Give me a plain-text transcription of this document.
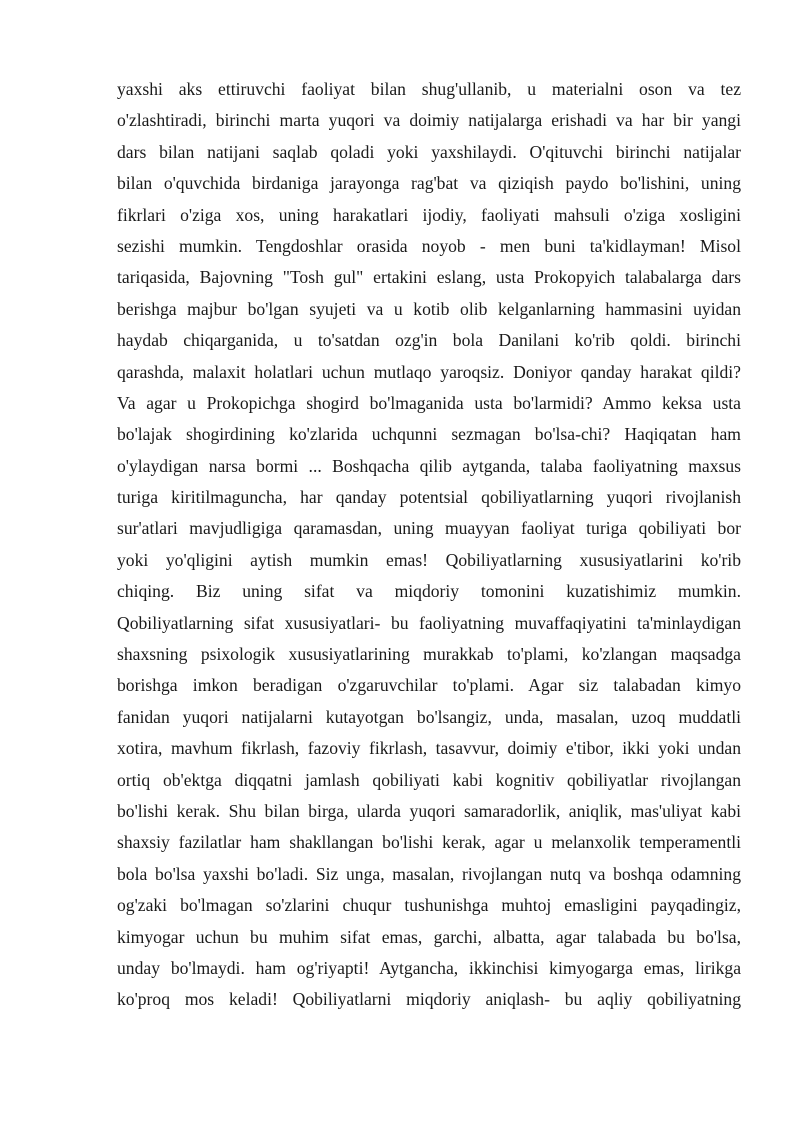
yaxshi aks ettiruvchi faoliyat bilan shug'ullanib, u materialni oson va tez
o'zlashtiradi, birinchi marta yuqori va doimiy natijalarga erishadi va har bir yangi
dars bilan natijani saqlab qoladi yoki yaxshilaydi. O'qituvchi birinchi natijalar
bilan o'quvchida birdaniga jarayonga rag'bat va qiziqish paydo bo'lishini, uning
fikrlari o'ziga xos, uning harakatlari ijodiy, faoliyati mahsuli o'ziga xosligini
sezishi mumkin. Tengdoshlar orasida noyob - men buni ta'kidlayman! Misol
tariqasida, Bajovning "Tosh gul" ertakini eslang, usta Prokopyich talabalarga dars
berishga majbur bo'lgan syujeti va u kotib olib kelganlarning hammasini uyidan
haydab chiqarganida, u to'satdan ozg'in bola Danilani ko'rib qoldi. birinchi
qarashda, malaxit holatlari uchun mutlaqo yaroqsiz. Doniyor qanday harakat qildi?
Va agar u Prokopichga shogird bo'lmaganida usta bo'larmidi? Ammo keksa usta
bo'lajak shogirdining ko'zlarida uchqunni sezmagan bo'lsa-chi? Haqiqatan ham
o'ylaydigan narsa bormi ... Boshqacha qilib aytganda, talaba faoliyatning maxsus
turiga kiritilmaguncha, har qanday potentsial qobiliyatlarning yuqori rivojlanish
sur'atlari mavjudligiga qaramasdan, uning muayyan faoliyat turiga qobiliyati bor
yoki yo'qligini aytish mumkin emas! Qobiliyatlarning xususiyatlarini ko'rib
chiqing. Biz uning sifat va miqdoriy tomonini kuzatishimiz mumkin.
Qobiliyatlarning sifat xususiyatlari- bu faoliyatning muvaffaqiyatini ta'minlaydigan
shaxsning psixologik xususiyatlarining murakkab to'plami, ko'zlangan maqsadga
borishga imkon beradigan o'zgaruvchilar to'plami. Agar siz talabadan kimyo
fanidan yuqori natijalarni kutayotgan bo'lsangiz, unda, masalan, uzoq muddatli
xotira, mavhum fikrlash, fazoviy fikrlash, tasavvur, doimiy e'tibor, ikki yoki undan
ortiq ob'ektga diqqatni jamlash qobiliyati kabi kognitiv qobiliyatlar rivojlangan
bo'lishi kerak. Shu bilan birga, ularda yuqori samaradorlik, aniqlik, mas'uliyat kabi
shaxsiy fazilatlar ham shakllangan bo'lishi kerak, agar u melanxolik temperamentli
bola bo'lsa yaxshi bo'ladi. Siz unga, masalan, rivojlangan nutq va boshqa odamning
og'zaki bo'lmagan so'zlarini chuqur tushunishga muhtoj emasligini payqadingiz,
kimyogar uchun bu muhim sifat emas, garchi, albatta, agar talabada bu bo'lsa,
unday bo'lmaydi. ham og'riyapti! Aytgancha, ikkinchisi kimyogarga emas, lirikga
ko'proq mos keladi! Qobiliyatlarni miqdoriy aniqlash- bu aqliy qobiliyatning
